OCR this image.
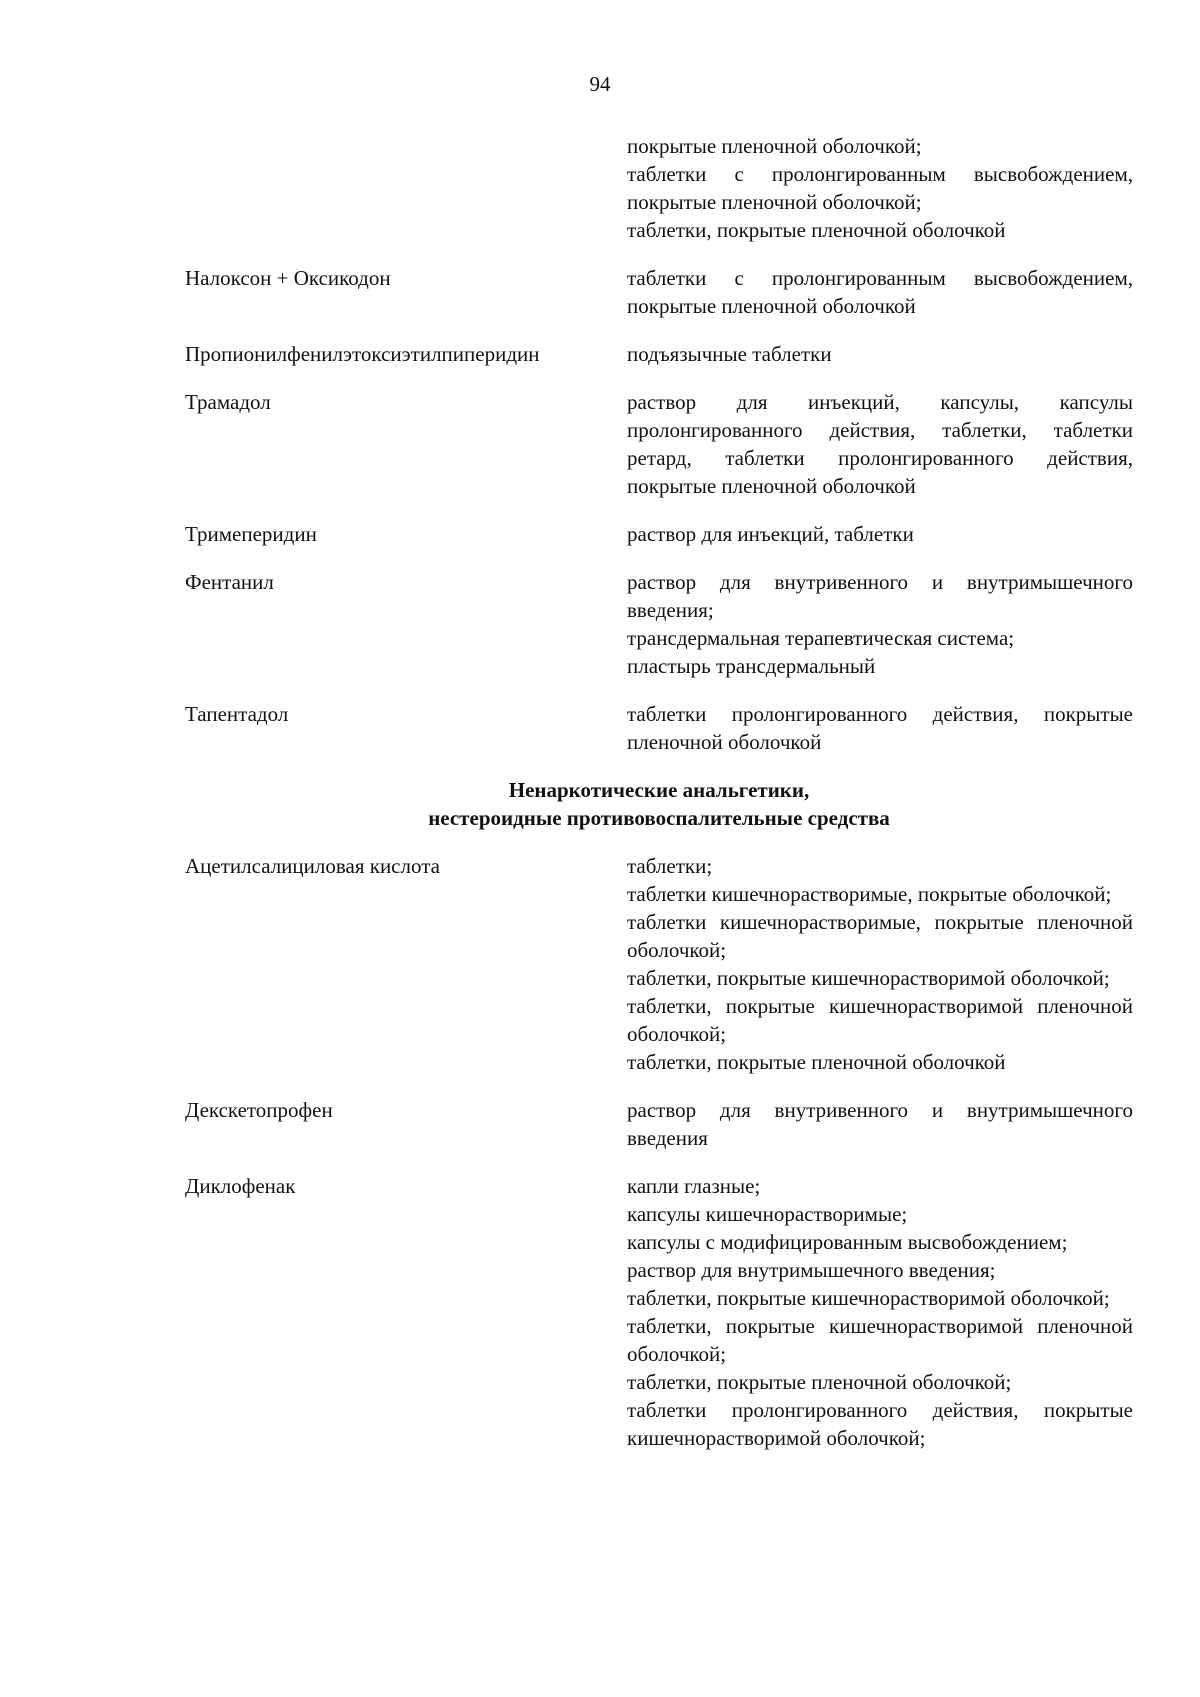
94
покрытые пленочной оболочкой;
таблетки с пролонгированным высвобождением, покрытые пленочной оболочкой;
таблетки, покрытые пленочной оболочкой
Налоксон + Оксикодон	таблетки с пролонгированным высвобождением, покрытые пленочной оболочкой
Пропионилфенилэтоксиэтилпиперидин	подъязычные таблетки
Трамадол	раствор для инъекций, капсулы, капсулы пролонгированного действия, таблетки, таблетки ретард, таблетки пролонгированного действия, покрытые пленочной оболочкой
Тримеперидин	раствор для инъекций, таблетки
Фентанил	раствор для внутривенного и внутримышечного введения;
трансдермальная терапевтическая система;
пластырь трансдермальный
Тапентадол	таблетки пролонгированного действия, покрытые пленочной оболочкой
Ненаркотические анальгетики,
нестероидные противовоспалительные средства
Ацетилсалициловая кислота	таблетки;
таблетки кишечнорастворимые, покрытые оболочкой;
таблетки кишечнорастворимые, покрытые пленочной оболочкой;
таблетки, покрытые кишечнорастворимой оболочкой;
таблетки, покрытые кишечнорастворимой пленочной оболочкой;
таблетки, покрытые пленочной оболочкой
Декскетопрофен	раствор для внутривенного и внутримышечного введения
Диклофенак	капли глазные;
капсулы кишечнорастворимые;
капсулы с модифицированным высвобождением;
раствор для внутримышечного введения;
таблетки, покрытые кишечнорастворимой оболочкой;
таблетки, покрытые кишечнорастворимой пленочной оболочкой;
таблетки, покрытые пленочной оболочкой;
таблетки пролонгированного действия, покрытые кишечнорастворимой оболочкой;
